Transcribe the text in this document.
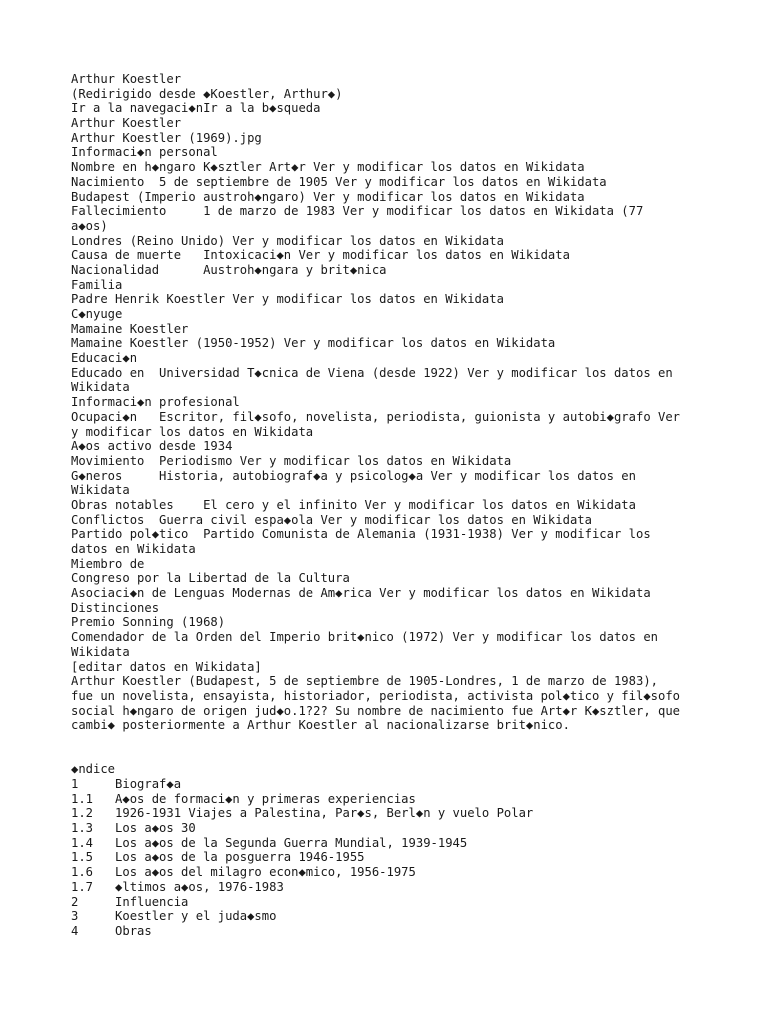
Arthur Koestler
(Redirigido desde ◆Koestler, Arthur◆)
Ir a la navegaci◆nIr a la b◆squeda
Arthur Koestler
Arthur Koestler (1969).jpg
Informaci◆n personal
Nombre en h◆ngaro K◆sztler Art◆r Ver y modificar los datos en Wikidata
Nacimiento  5 de septiembre de 1905 Ver y modificar los datos en Wikidata
Budapest (Imperio austroh◆ngaro) Ver y modificar los datos en Wikidata
Fallecimiento     1 de marzo de 1983 Ver y modificar los datos en Wikidata (77
a◆os)
Londres (Reino Unido) Ver y modificar los datos en Wikidata
Causa de muerte   Intoxicaci◆n Ver y modificar los datos en Wikidata
Nacionalidad      Austroh◆ngara y brit◆nica
Familia
Padre Henrik Koestler Ver y modificar los datos en Wikidata
C◆nyuge
Mamaine Koestler
Mamaine Koestler (1950-1952) Ver y modificar los datos en Wikidata
Educaci◆n
Educado en  Universidad T◆cnica de Viena (desde 1922) Ver y modificar los datos en
Wikidata
Informaci◆n profesional
Ocupaci◆n   Escritor, fil◆sofo, novelista, periodista, guionista y autobi◆grafo Ver
y modificar los datos en Wikidata
A◆os activo desde 1934
Movimiento  Periodismo Ver y modificar los datos en Wikidata
G◆neros     Historia, autobiograf◆a y psicolog◆a Ver y modificar los datos en
Wikidata
Obras notables    El cero y el infinito Ver y modificar los datos en Wikidata
Conflictos  Guerra civil espa◆ola Ver y modificar los datos en Wikidata
Partido pol◆tico  Partido Comunista de Alemania (1931-1938) Ver y modificar los
datos en Wikidata
Miembro de
Congreso por la Libertad de la Cultura
Asociaci◆n de Lenguas Modernas de Am◆rica Ver y modificar los datos en Wikidata
Distinciones
Premio Sonning (1968)
Comendador de la Orden del Imperio brit◆nico (1972) Ver y modificar los datos en
Wikidata
[editar datos en Wikidata]
Arthur Koestler (Budapest, 5 de septiembre de 1905-Londres, 1 de marzo de 1983),
fue un novelista, ensayista, historiador, periodista, activista pol◆tico y fil◆sofo
social h◆ngaro de origen jud◆o.1?2? Su nombre de nacimiento fue Art◆r K◆sztler, que
cambi◆ posteriormente a Arthur Koestler al nacionalizarse brit◆nico.
◆ndice
1     Biograf◆a
1.1   A◆os de formaci◆n y primeras experiencias
1.2   1926-1931 Viajes a Palestina, Par◆s, Berl◆n y vuelo Polar
1.3   Los a◆os 30
1.4   Los a◆os de la Segunda Guerra Mundial, 1939-1945
1.5   Los a◆os de la posguerra 1946-1955
1.6   Los a◆os del milagro econ◆mico, 1956-1975
1.7   ◆ltimos a◆os, 1976-1983
2     Influencia
3     Koestler y el juda◆smo
4     Obras
